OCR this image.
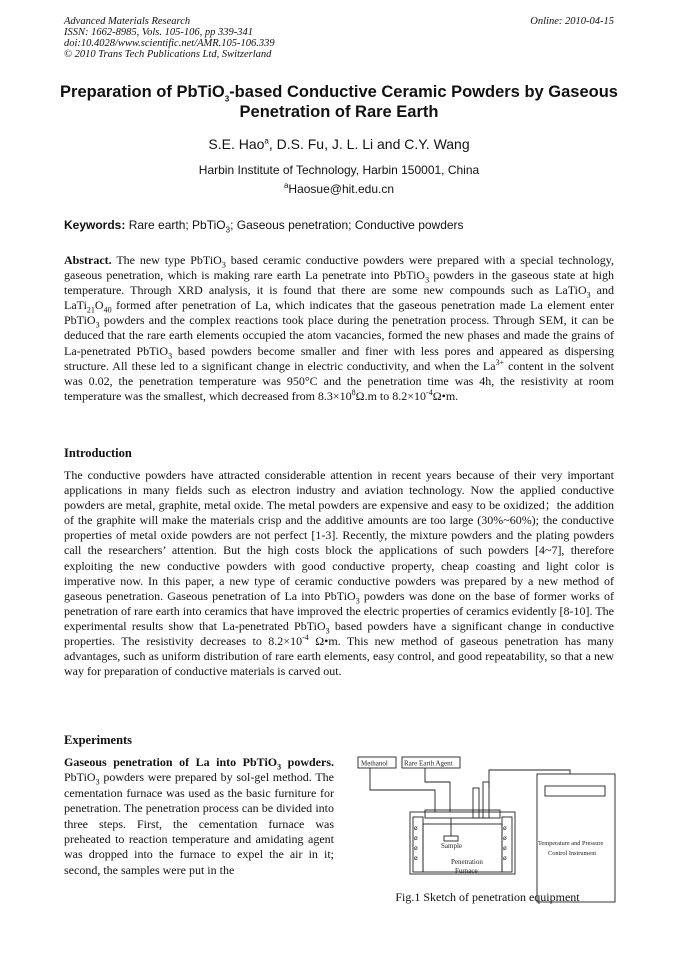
Advanced Materials Research
ISSN: 1662-8985, Vols. 105-106, pp 339-341
doi:10.4028/www.scientific.net/AMR.105-106.339
© 2010 Trans Tech Publications Ltd, Switzerland
Online: 2010-04-15
Preparation of PbTiO$_3$-based Conductive Ceramic Powders by Gaseous Penetration of Rare Earth
S.E. Hao$^a$, D.S. Fu, J. L. Li and C.Y. Wang
Harbin Institute of Technology, Harbin 150001, China
$^a$Haosue@hit.edu.cn
Keywords: Rare earth; PbTiO$_3$; Gaseous penetration; Conductive powders
Abstract. The new type PbTiO$_3$ based ceramic conductive powders were prepared with a special technology, gaseous penetration, which is making rare earth La penetrate into PbTiO$_3$ powders in the gaseous state at high temperature. Through XRD analysis, it is found that there are some new compounds such as LaTiO$_3$ and $LaTi_{21}O_{40}$ formed after penetration of La, which indicates that the gaseous penetration made La element enter PbTiO$_3$ powders and the complex reactions took place during the penetration process. Through SEM, it can be deduced that the rare earth elements occupied the atom vacancies, formed the new phases and made the grains of La-penetrated PbTiO$_3$ based powders become smaller and finer with less pores and appeared as dispersing structure. All these led to a significant change in electric conductivity, and when the $La^{3+}$ content in the solvent was 0.02, the penetration temperature was 950°C and the penetration time was 4h, the resistivity at room temperature was the smallest, which decreased from $8.3\times 10^8\Omega.m$ to $8.2\times 10^{-4}\Omega•m$.
Introduction
The conductive powders have attracted considerable attention in recent years because of their very important applications in many fields such as electron industry and aviation technology. Now the applied conductive powders are metal, graphite, metal oxide. The metal powders are expensive and easy to be oxidized；the addition of the graphite will make the materials crisp and the additive amounts are too large (30%~60%); the conductive properties of metal oxide powders are not perfect [1-3]. Recently, the mixture powders and the plating powders call the researchers’ attention. But the high costs block the applications of such powders [4~7], therefore exploiting the new conductive powders with good conductive property, cheap coasting and light color is imperative now. In this paper, a new type of ceramic conductive powders was prepared by a new method of gaseous penetration. Gaseous penetration of La into PbTiO$_3$ powders was done on the base of former works of penetration of rare earth into ceramics that have improved the electric properties of ceramics evidently [8-10]. The experimental results show that La-penetrated PbTiO$_3$ based powders have a significant change in conductive properties. The resistivity decreases to $8.2\times 10^{-4}$ Ω•m. This new method of gaseous penetration has many advantages, such as uniform distribution of rare earth elements, easy control, and good repeatability, so that a new way for preparation of conductive materials is carved out.
Experiments
Gaseous penetration of La into PbTiO$_3$ powders. PbTiO$_3$ powders were prepared by sol-gel method. The cementation furnace was used as the basic furniture for penetration. The penetration process can be divided into three steps. First, the cementation furnace was preheated to reaction temperature and amidating agent was dropped into the furnace to expel the air in it; second, the samples were put in the
Methanol Rare Earth Agent
Sample
Penetration
Furnace
Temperature and Pressure
Control Instrument
ø
ø
ø
ø
ø
ø
ø
ø
Fig.1 Sketch of penetration equipment
